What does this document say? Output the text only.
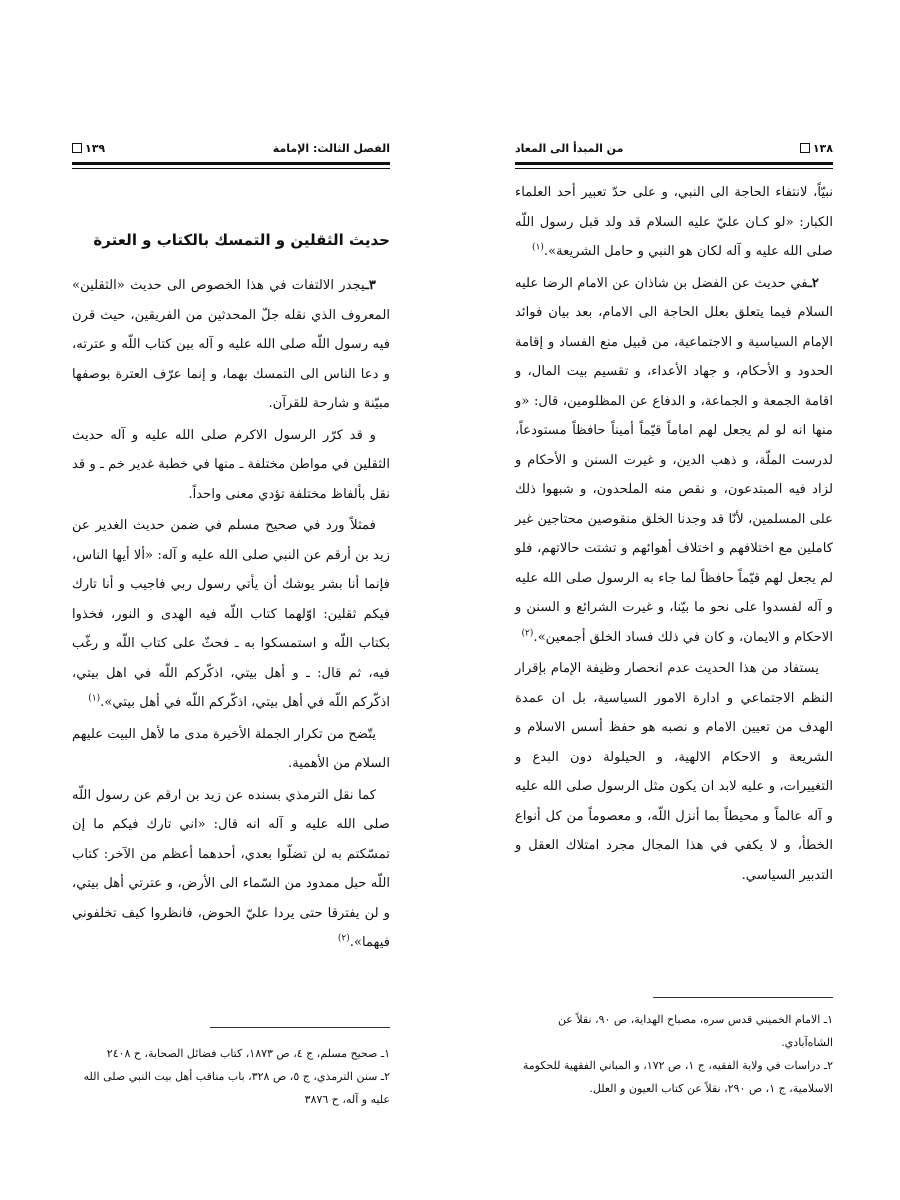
١٣٨
من المبدأ الى المعاد

نبيّاً، لانتفاء الحاجة الى النبي، و على حدّ تعبير أحد العلماء الكبار: «لو كـان عليّ عليه السلام قد ولد قبل رسول اللّه صلى الله عليه و آله لكان هو النبي و حامل الشريعة».$^{(١)}$

٢ـفي حديث عن الفضل بن شاذان عن الامام الرضا عليه السلام فيما يتعلق بعلل الحاجة الى الامام، بعد بيان فوائد الإمام السياسية و الاجتماعية، من قبيل منع الفساد و إقامة الحدود و الأحكام، و جهاد الأعداء، و تقسيم بيت المال، و اقامة الجمعة و الجماعة، و الدفاع عن المظلومين، قال: «و منها انه لو لم يجعل لهم اماماً قيّماً أميناً حافظاً مستودعاً، لدرست الملّة، و ذهب الدين، و غيرت السنن و الأحكام و لزاد فيه المبتدعون، و نقص منه الملحدون، و شبهوا ذلك على المسلمين، لأنّا قد وجدنا الخلق منقوصين محتاجين غير كاملين مع اختلافهم و اختلاف أهوائهم و تشتت حالاتهم، فلو لم يجعل لهم قيّماً حافظاً لما جاء به الرسول صلى الله عليه و آله لفسدوا على نحو ما بيّنا، و غيرت الشرائع و السنن و الاحكام و الايمان، و كان في ذلك فساد الخلق أجمعين».$^{(٢)}$

يستفاد من هذا الحديث عدم انحصار وظيفة الإمام بإقرار النظم الاجتماعي و ادارة الامور السياسية، بل ان عمدة الهدف من تعيين الامام و نصبه هو حفظ أسس الاسلام و الشريعة و الاحكام الالهية، و الحيلولة دون البدع و التغييرات، و عليه لابد ان يكون مثل الرسول صلى الله عليه و آله عالماً و محيطاً بما أنزل اللّه، و معصوماً من كل أنواع الخطأ، و لا يكفي في هذا المجال مجرد امتلاك العقل و التدبير السياسي.

١ـ الامام الخميني قدس سره، مصباح الهداية، ص ٩٠، نقلاً عن الشاه‌آبادي.
٢ـ دراسات في ولاية الفقيه، ج ١، ص ١٧٢، و المباني الفقهية للحكومة الاسلامية، ج ١، ص ٢٩٠، نقلاً عن كتاب العيون و العلل.
الفصل الثالث: الإمامة
١٣٩
حديث الثقلين و التمسك بالكتاب و العترة

٣ـيجدر الالتفات في هذا الخصوص الى حديث «الثقلين» المعروف الذي نقله جلّ المحدثين من الفريقين، حيث قرن فيه رسول اللّه صلى الله عليه و آله بين كتاب اللّه و عترته، و دعا الناس الى التمسك بهما، و إنما عرّف العترة بوصفها مبيّنة و شارحة للقرآن.

و قد كرّر الرسول الاكرم صلى الله عليه و آله حديث الثقلين في مواطن مختلفة ـ منها في خطبة غدير خم ـ و قد نقل بألفاظ مختلفة تؤدي معنى واحداً.

فمثلاً ورد في صحيح مسلم في ضمن حديث الغدير عن زيد بن أرقم عن النبي صلى الله عليه و آله: «ألا أيها الناس، فإنما أنا بشر يوشك أن يأتي رسول ربي فاجيب و أنا تارك فيكم ثقلين: اوّلهما كتاب اللّه فيه الهدى و النور، فخذوا بكتاب اللّه و استمسكوا به ـ فحثّ على كتاب اللّه و رغّب فيه، ثم قال: ـ و أهل بيتي، اذكّركم اللّه في اهل بيتي، اذكّركم اللّه في أهل بيتي، اذكّركم اللّه في أهل بيتي».$^{(١)}$

يتّضح من تكرار الجملة الأخيرة مدى ما لأهل البيت عليهم السلام من الأهمية.

كما نقل الترمذي بسنده عن زيد بن ارقم عن رسول اللّه صلى الله عليه و آله انه قال: «اني تارك فيكم ما إن تمسّكتم به لن تضلّوا بعدي، أحدهما أعظم من الآخر: كتاب اللّه حبل ممدود من السّماء الى الأرض، و عترتي أهل بيتي، و لن يفترقا حتى يردا عليّ الحوض، فانظروا كيف تخلفوني فيهما».$^{(٢)}$

١ـ صحيح مسلم، ج ٤، ص ١٨٧٣، كتاب فضائل الصحابة، ح ٢٤٠٨
٢ـ سنن الترمذي، ج ٥، ص ٣٢٨، باب مناقب أهل بيت النبي صلى الله عليه و آله، ح ٣٨٧٦
